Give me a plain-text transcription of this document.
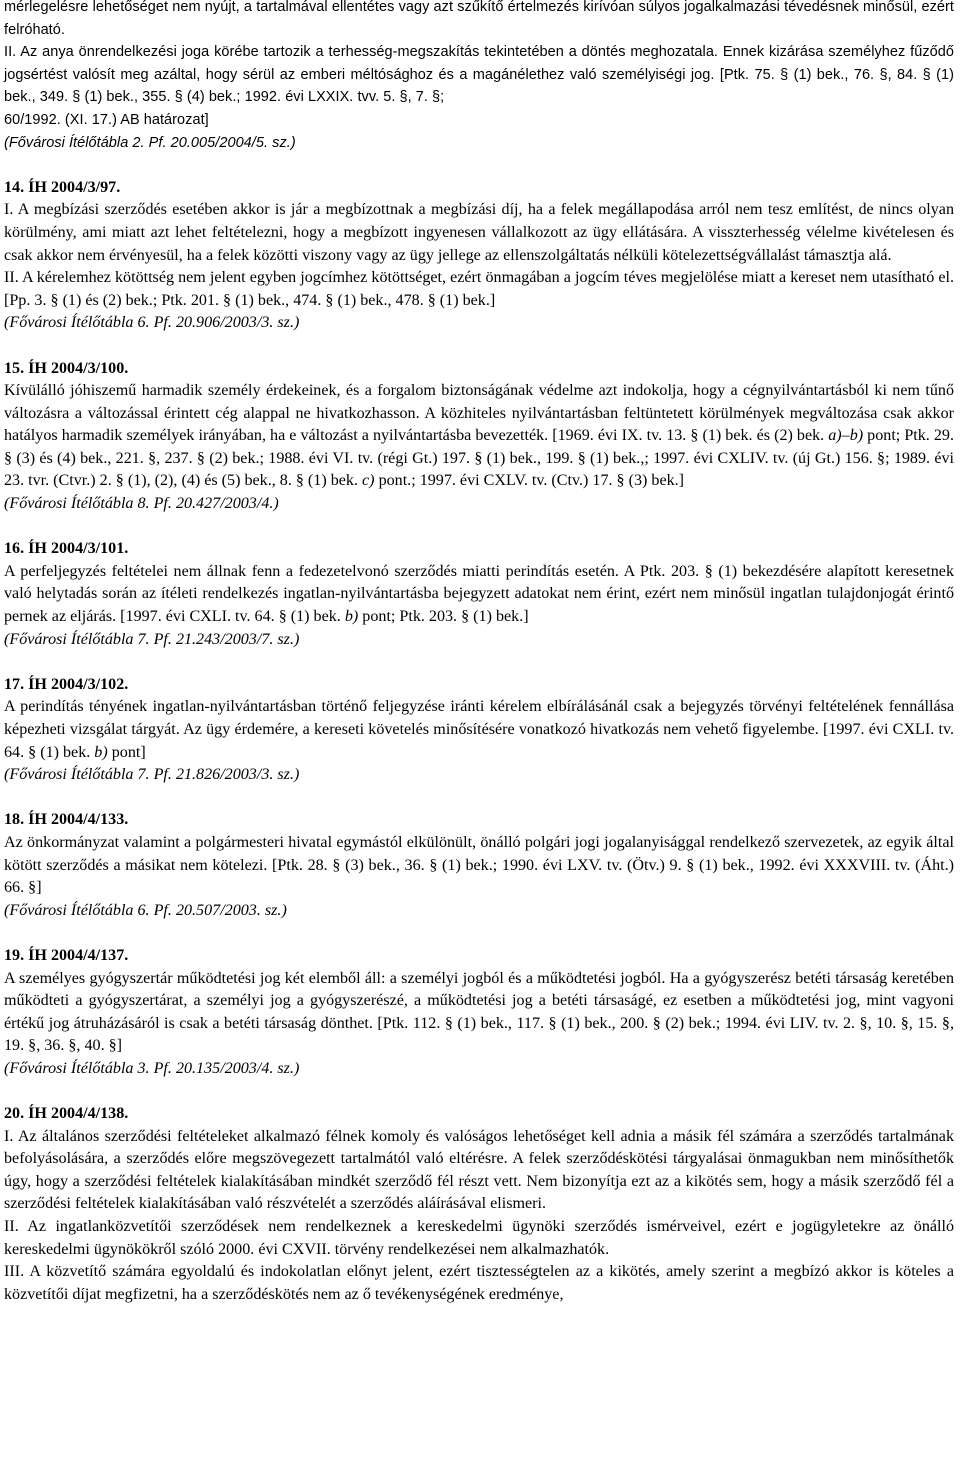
mérlegelésre lehetőséget nem nyújt, a tartalmával ellentétes vagy azt szűkítő értelmezés kirívóan súlyos jogalkalmazási tévedésnek minősül, ezért felróható.

II. Az anya önrendelkezési joga körébe tartozik a terhesség-megszakítás tekintetében a döntés meghozatala. Ennek kizárása személyhez fűződő jogsértést valósít meg azáltal, hogy sérül az emberi méltósághoz és a magánélethez való személyiségi jog. [Ptk. 75. § (1) bek., 76. §, 84. § (1) bek., 349. § (1) bek., 355. § (4) bek.; 1992. évi LXXIX. tvv. 5. §, 7. §;

60/1992. (XI. 17.) AB határozat]

(Fővárosi Ítélőtábla 2. Pf. 20.005/2004/5. sz.)

14. ÍH 2004/3/97.

I. A megbízási szerződés esetében akkor is jár a megbízottnak a megbízási díj, ha a felek megállapodása arról nem tesz említést, de nincs olyan körülmény, ami miatt azt lehet feltételezni, hogy a megbízott ingyenesen vállalkozott az ügy ellátására. A visszterhesség vélelme kivételesen és csak akkor nem érvényesül, ha a felek közötti viszony vagy az ügy jellege az ellenszolgáltatás nélküli kötelezettségvállalást támasztja alá.

II. A kérelemhez kötöttség nem jelent egyben jogcímhez kötöttséget, ezért önmagában a jogcím téves megjelölése miatt a kereset nem utasítható el. [Pp. 3. § (1) és (2) bek.; Ptk. 201. § (1) bek., 474. § (1) bek., 478. § (1) bek.]

(Fővárosi Ítélőtábla 6. Pf. 20.906/2003/3. sz.)

15. ÍH 2004/3/100.

Kívülálló jóhiszemű harmadik személy érdekeinek, és a forgalom biztonságának védelme azt indokolja, hogy a cégnyilvántartásból ki nem tűnő változásra a változással érintett cég alappal ne hivatkozhasson. A közhiteles nyilvántartásban feltüntetett körülmények megváltozása csak akkor hatályos harmadik személyek irányában, ha e változást a nyilvántartásba bevezették. [1969. évi IX. tv. 13. § (1) bek. és (2) bek. a)–b) pont; Ptk. 29. § (3) és (4) bek., 221. §, 237. § (2) bek.; 1988. évi VI. tv. (régi Gt.) 197. § (1) bek., 199. § (1) bek.,; 1997. évi CXLIV. tv. (új Gt.) 156. §; 1989. évi 23. tvr. (Ctvr.) 2. § (1), (2), (4) és (5) bek., 8. § (1) bek. c) pont.; 1997. évi CXLV. tv. (Ctv.) 17. § (3) bek.]

(Fővárosi Ítélőtábla 8. Pf. 20.427/2003/4.)

16. ÍH 2004/3/101.

A perfeljegyzés feltételei nem állnak fenn a fedezetelvonó szerződés miatti perindítás esetén. A Ptk. 203. § (1) bekezdésére alapított keresetnek való helytadás során az ítéleti rendelkezés ingatlan-nyilvántartásba bejegyzett adatokat nem érint, ezért nem minősül ingatlan tulajdonjogát érintő pernek az eljárás. [1997. évi CXLI. tv. 64. § (1) bek. b) pont; Ptk. 203. § (1) bek.]

(Fővárosi Ítélőtábla 7. Pf. 21.243/2003/7. sz.)

17. ÍH 2004/3/102.

A perindítás tényének ingatlan-nyilvántartásban történő feljegyzése iránti kérelem elbírálásánál csak a bejegyzés törvényi feltételének fennállása képezheti vizsgálat tárgyát. Az ügy érdemére, a kereseti követelés minősítésére vonatkozó hivatkozás nem vehető figyelembe. [1997. évi CXLI. tv. 64. § (1) bek. b) pont]

(Fővárosi Ítélőtábla 7. Pf. 21.826/2003/3. sz.)

18. ÍH 2004/4/133.

Az önkormányzat valamint a polgármesteri hivatal egymástól elkülönült, önálló polgári jogi jogalanyisággal rendelkező szervezetek, az egyik által kötött szerződés a másikat nem kötelezi. [Ptk. 28. § (3) bek., 36. § (1) bek.; 1990. évi LXV. tv. (Ötv.) 9. § (1) bek., 1992. évi XXXVIII. tv. (Áht.) 66. §]

(Fővárosi Ítélőtábla 6. Pf. 20.507/2003. sz.)

19. ÍH 2004/4/137.

A személyes gyógyszertár működtetési jog két elemből áll: a személyi jogból és a működtetési jogból. Ha a gyógyszerész betéti társaság keretében működteti a gyógyszertárat, a személyi jog a gyógyszerészé, a működtetési jog a betéti társaságé, ez esetben a működtetési jog, mint vagyoni értékű jog átruházásáról is csak a betéti társaság dönthet. [Ptk. 112. § (1) bek., 117. § (1) bek., 200. § (2) bek.; 1994. évi LIV. tv. 2. §, 10. §, 15. §, 19. §, 36. §, 40. §]

(Fővárosi Ítélőtábla 3. Pf. 20.135/2003/4. sz.)

20. ÍH 2004/4/138.

I. Az általános szerződési feltételeket alkalmazó félnek komoly és valóságos lehetőséget kell adnia a másik fél számára a szerződés tartalmának befolyásolására, a szerződés előre megszövegezett tartalmától való eltérésre. A felek szerződéskötési tárgyalásai önmagukban nem minősíthetők úgy, hogy a szerződési feltételek kialakításában mindkét szerződő fél részt vett. Nem bizonyítja ezt az a kikötés sem, hogy a másik szerződő fél a szerződési feltételek kialakításában való részvételét a szerződés aláírásával elismeri.

II. Az ingatlanközvetítői szerződések nem rendelkeznek a kereskedelmi ügynöki szerződés ismérveivel, ezért e jogügyletekre az önálló kereskedelmi ügynökökről szóló 2000. évi CXVII. törvény rendelkezései nem alkalmazhatók.

III. A közvetítő számára egyoldalú és indokolatlan előnyt jelent, ezért tisztességtelen az a kikötés, amely szerint a megbízó akkor is köteles a közvetítői díjat megfizetni, ha a szerződéskötés nem az ő tevékenységének eredménye,
